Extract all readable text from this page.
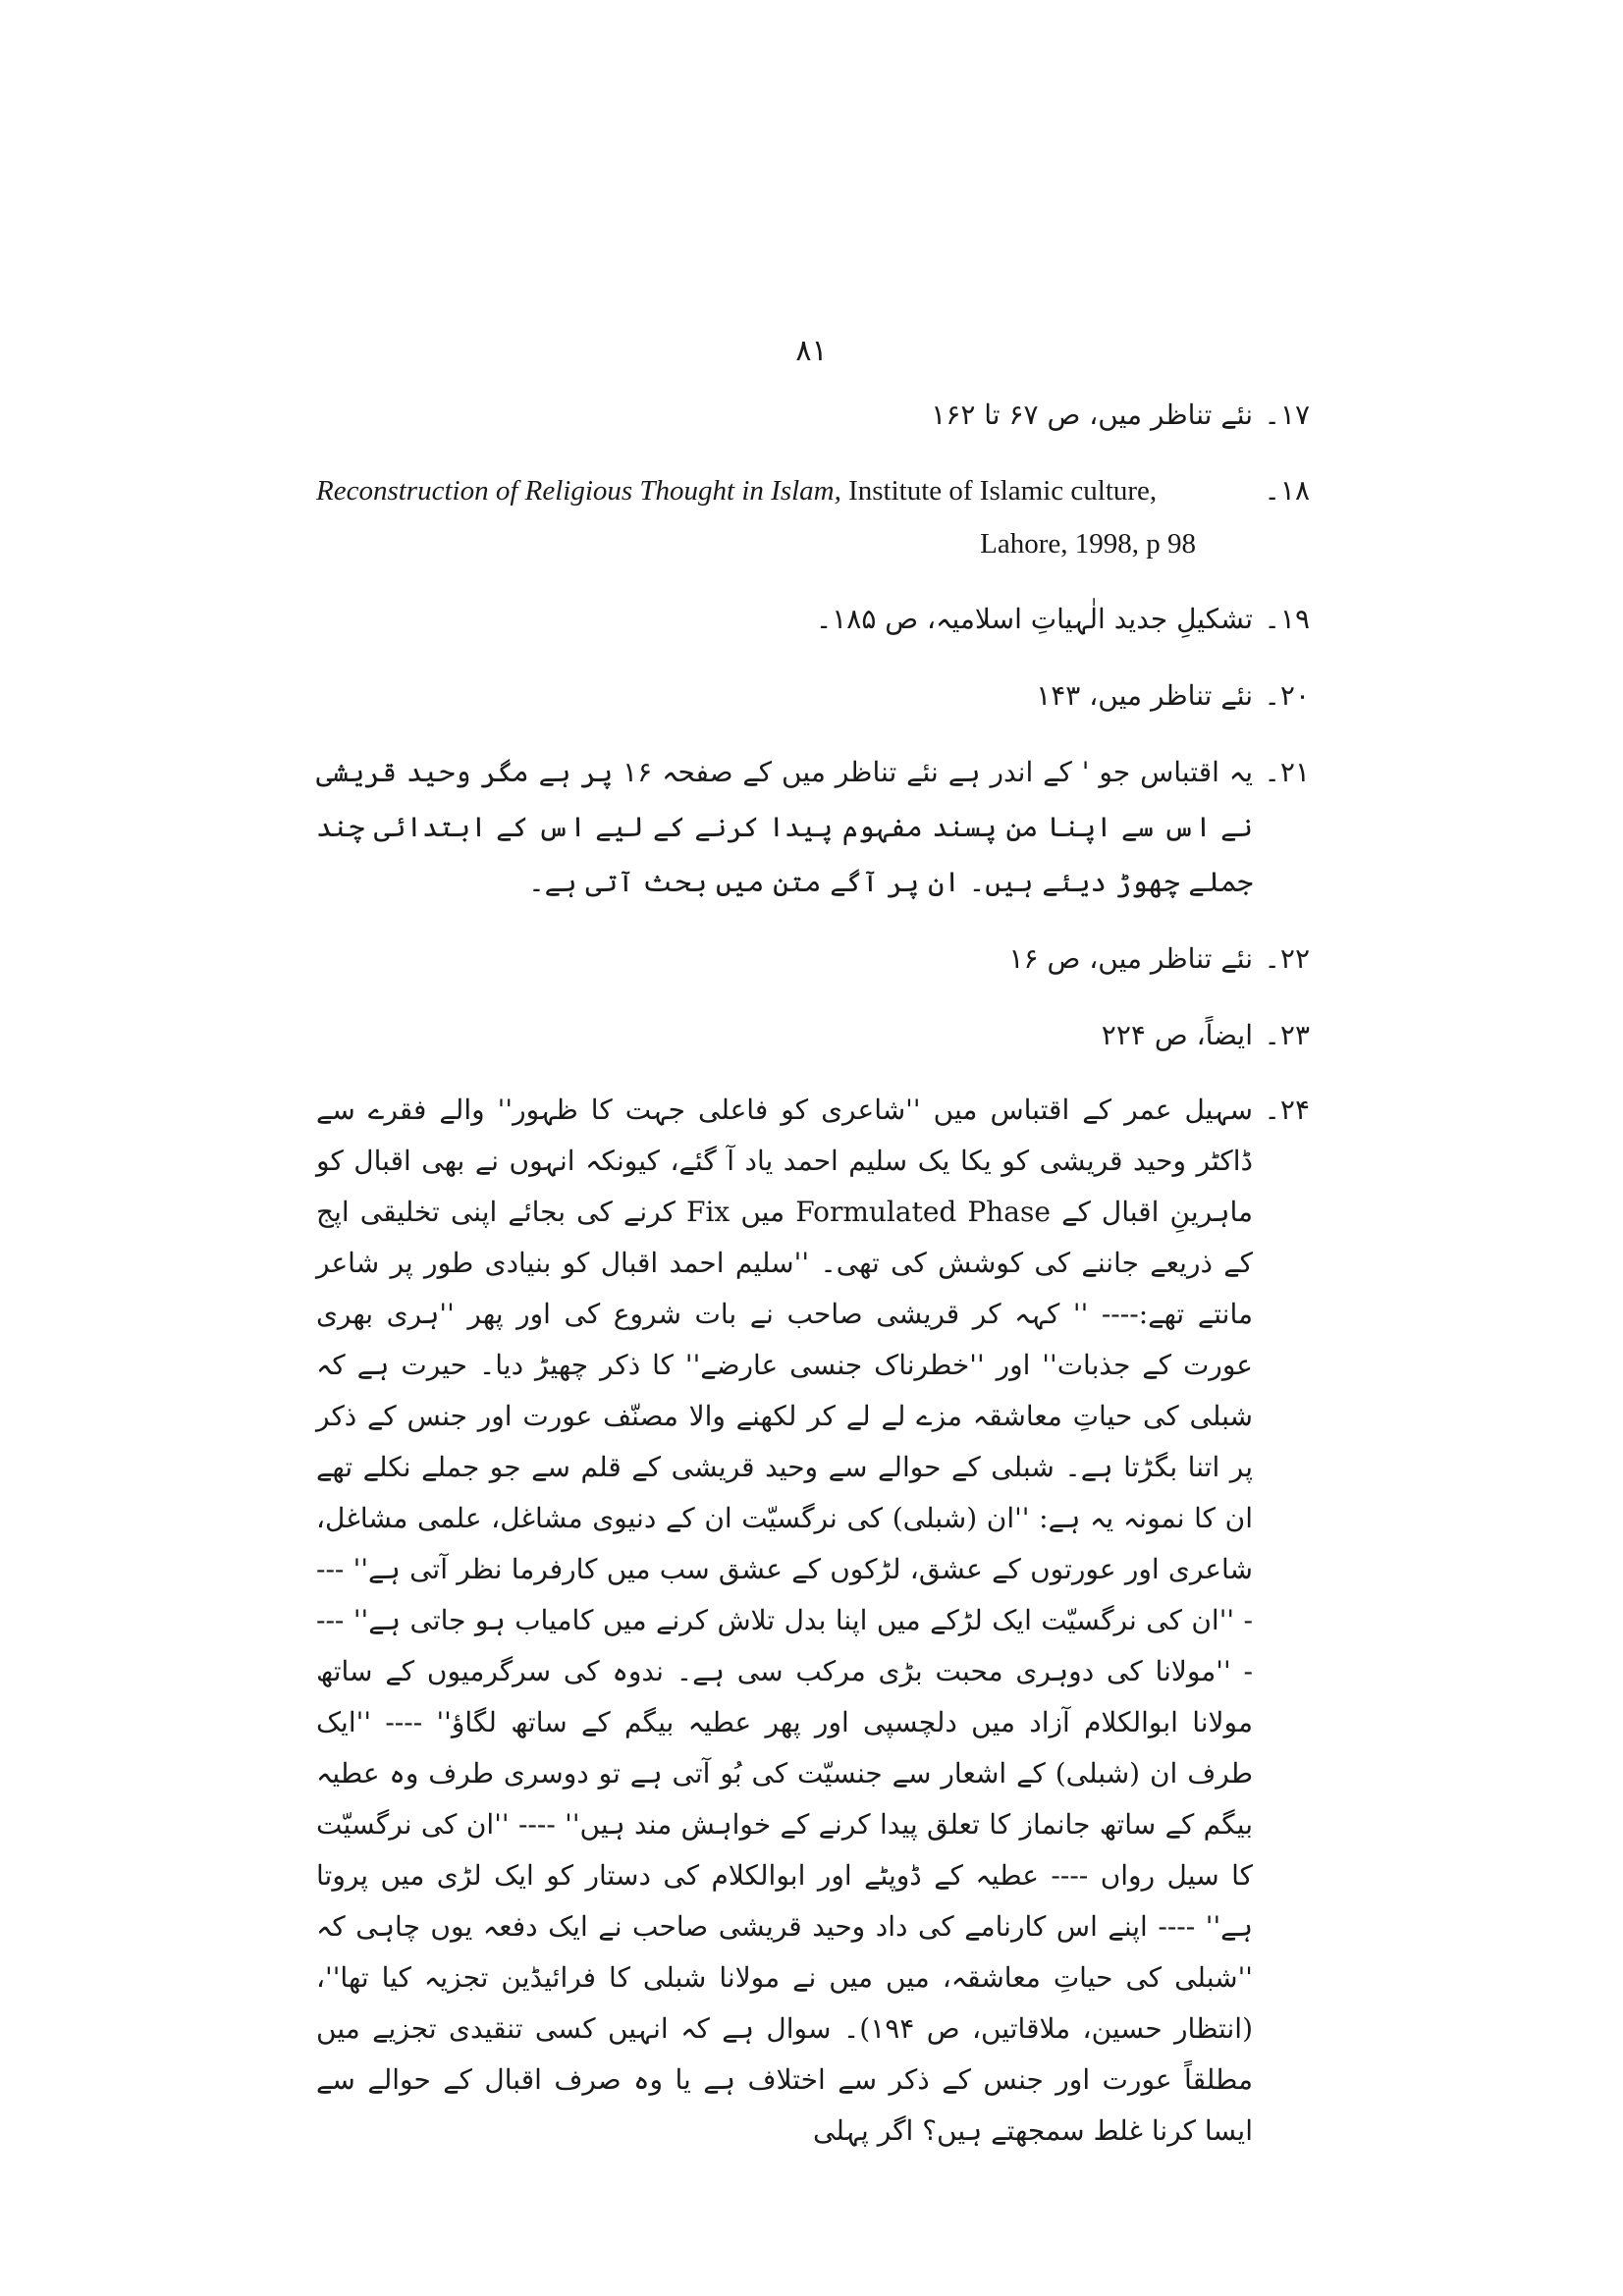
۸۱
۱۷۔
نئے تناظر میں، ص ۶۷ تا ۱۶۲
۱۸۔
Reconstruction of Religious Thought in Islam, Institute of Islamic culture,
Lahore, 1998, p 98
۱۹۔
تشکیلِ جدید الٰہیاتِ اسلامیہ، ص ۱۸۵۔
۲۰۔
نئے تناظر میں، ۱۴۳
۲۱۔
یہ اقتباس جو ' کے اندر ہے نئے تناظر میں کے صفحہ ۱۶ پر ہے مگر وحید قریشی نے اس سے اپنا من پسند مفہوم پیدا کرنے کے لیے اس کے ابتدائی چند جملے چھوڑ دیئے ہیں۔ ان پر آگے متن میں بحث آتی ہے۔
۲۲۔
نئے تناظر میں، ص ۱۶
۲۳۔
ایضاً، ص ۲۲۴
۲۴۔
سہیل عمر کے اقتباس میں ''شاعری کو فاعلی جہت کا ظہور'' والے فقرے سے ڈاکٹر وحید قریشی کو یکا یک سلیم احمد یاد آ گئے، کیونکہ انہوں نے بھی اقبال کو ماہرینِ اقبال کے Formulated Phase میں Fix کرنے کی بجائے اپنی تخلیقی اپج کے ذریعے جاننے کی کوشش کی تھی۔ ''سلیم احمد اقبال کو بنیادی طور پر شاعر مانتے تھے:---- '' کہہ کر قریشی صاحب نے بات شروع کی اور پھر ''ہری بھری عورت کے جذبات'' اور ''خطرناک جنسی عارضے'' کا ذکر چھیڑ دیا۔ حیرت ہے کہ شبلی کی حیاتِ معاشقہ مزے لے لے کر لکھنے والا مصنّف عورت اور جنس کے ذکر پر اتنا بگڑتا ہے۔ شبلی کے حوالے سے وحید قریشی کے قلم سے جو جملے نکلے تھے ان کا نمونہ یہ ہے: ''ان (شبلی) کی نرگسیّت ان کے دنیوی مشاغل، علمی مشاغل، شاعری اور عورتوں کے عشق، لڑکوں کے عشق سب میں کارفرما نظر آتی ہے'' ---- ''ان کی نرگسیّت ایک لڑکے میں اپنا بدل تلاش کرنے میں کامیاب ہو جاتی ہے'' ---- ''مولانا کی دوہری محبت بڑی مرکب سی ہے۔ ندوہ کی سرگرمیوں کے ساتھ مولانا ابوالکلام آزاد میں دلچسپی اور پھر عطیہ بیگم کے ساتھ لگاؤ'' ---- ''ایک طرف ان (شبلی) کے اشعار سے جنسیّت کی بُو آتی ہے تو دوسری طرف وہ عطیہ بیگم کے ساتھ جانماز کا تعلق پیدا کرنے کے خواہش مند ہیں'' ---- ''ان کی نرگسیّت کا سیل رواں ---- عطیہ کے ڈوپٹے اور ابوالکلام کی دستار کو ایک لڑی میں پروتا ہے'' ---- اپنے اس کارنامے کی داد وحید قریشی صاحب نے ایک دفعہ یوں چاہی کہ ''شبلی کی حیاتِ معاشقہ، میں میں نے مولانا شبلی کا فرائیڈین تجزیہ کیا تھا''، (انتظار حسین، ملاقاتیں، ص ۱۹۴)۔ سوال ہے کہ انہیں کسی تنقیدی تجزیے میں مطلقاً عورت اور جنس کے ذکر سے اختلاف ہے یا وہ صرف اقبال کے حوالے سے ایسا کرنا غلط سمجھتے ہیں؟ اگر پہلی
